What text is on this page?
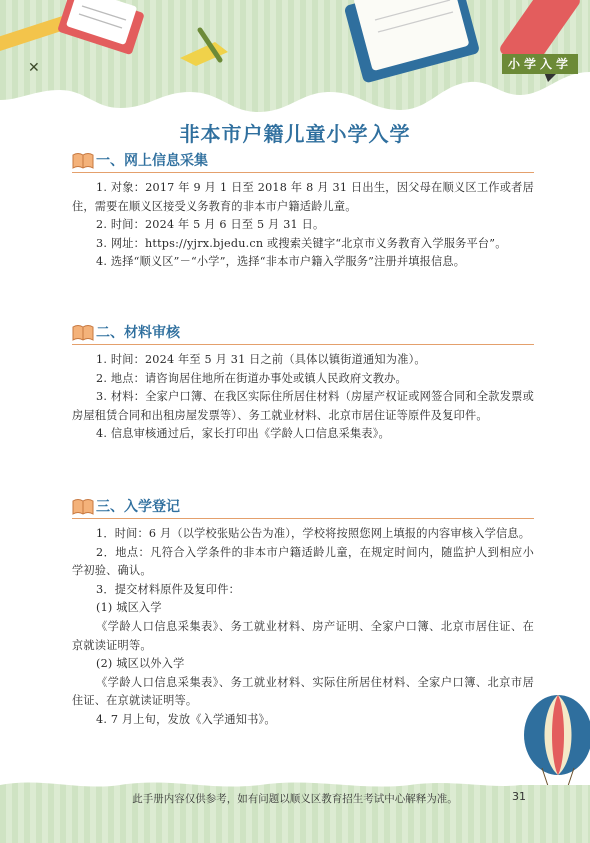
✕	小学入学
非本市户籍儿童小学入学
一、网上信息采集

1. 对象：2017 年 9 月 1 日至 2018 年 8 月 31 日出生，因父母在顺义区工作或者居住，需要在顺义区接受义务教育的非本市户籍适龄儿童。

2. 时间：2024 年 5 月 6 日至 5 月 31 日。

3. 网址：https://yjrx.bjedu.cn 或搜索关键字“北京市义务教育入学服务平台”。

4. 选择“顺义区”－“小学”，选择“非本市户籍入学服务”注册并填报信息。

二、材料审核

1. 时间：2024 年至 5 月 31 日之前（具体以镇街道通知为准）。

2. 地点：请咨询居住地所在街道办事处或镇人民政府文教办。

3. 材料：全家户口簿、在我区实际住所居住材料（房屋产权证或网签合同和全款发票或房屋租赁合同和出租房屋发票等）、务工就业材料、北京市居住证等原件及复印件。

4. 信息审核通过后，家长打印出《学龄人口信息采集表》。

三、入学登记

1．时间：6 月（以学校张贴公告为准），学校将按照您网上填报的内容审核入学信息。

2．地点：凡符合入学条件的非本市户籍适龄儿童，在规定时间内，随监护人到相应小学初验、确认。

3．提交材料原件及复印件：

(1) 城区入学

《学龄人口信息采集表》、务工就业材料、房产证明、全家户口簿、北京市居住证、在京就读证明等。

(2) 城区以外入学

《学龄人口信息采集表》、务工就业材料、实际住所居住材料、全家户口簿、北京市居住证、在京就读证明等。

4. 7 月上旬，发放《入学通知书》。

此手册内容仅供参考，如有问题以顺义区教育招生考试中心解释为准。	31
